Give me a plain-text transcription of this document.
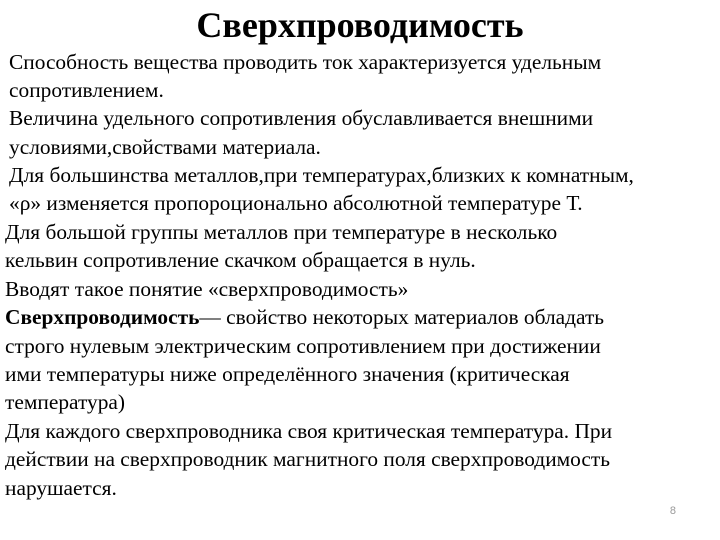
Сверхпроводимость
Способность вещества проводить ток характеризуется удельным
сопротивлением.
Величина удельного сопротивления обуславливается внешними
условиями,свойствами материала.
Для большинства металлов,при температурах,близких к комнатным,
«ρ» изменяется пропороционально абсолютной температуре Т.
Для большой группы металлов при температуре в несколько
кельвин сопротивление скачком обращается в нуль.
Вводят такое понятие «сверхпроводимость»
Сверхпроводимость— свойство некоторых материалов обладать
строго нулевым электрическим сопротивлением при достижении
ими температуры ниже определённого значения (критическая
температура)
Для каждого сверхпроводника своя критическая температура. При
действии на сверхпроводник магнитного поля сверхпроводимость
нарушается.
8
